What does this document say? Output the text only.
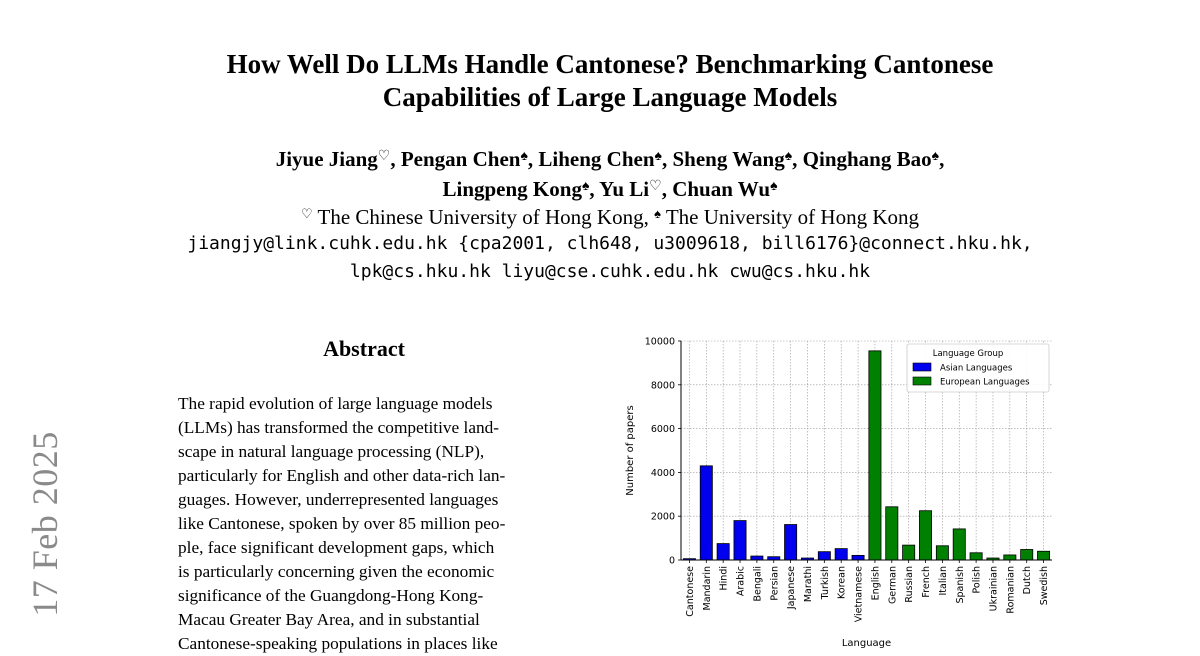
17 Feb 2025
How Well Do LLMs Handle Cantonese? Benchmarking Cantonese
Capabilities of Large Language Models
Jiyue Jiang♡, Pengan Chen♠, Liheng Chen♠, Sheng Wang♠, Qinghang Bao♠,
Lingpeng Kong♠, Yu Li♡, Chuan Wu♠
♡ The Chinese University of Hong Kong, ♠ The University of Hong Kong
jiangjy@link.cuhk.edu.hk {cpa2001, clh648, u3009618, bill6176}@connect.hku.hk,
lpk@cs.hku.hk liyu@cse.cuhk.edu.hk cwu@cs.hku.hk
Abstract
The rapid evolution of large language models
(LLMs) has transformed the competitive land-
scape in natural language processing (NLP),
particularly for English and other data-rich lan-
guages. However, underrepresented languages
like Cantonese, spoken by over 85 million peo-
ple, face significant development gaps, which
is particularly concerning given the economic
significance of the Guangdong-Hong Kong-
Macau Greater Bay Area, and in substantial
Cantonese-speaking populations in places like
0
2000
4000
6000
8000
10000
Cantonese Mandarin Hindi Arabic Bengali Persian Japanese Marathi Turkish Korean Vietnamese English German Russian French Italian Spanish Polish Ukrainian Romanian Dutch Swedish
Number of papers
Language
Language Group
Asian Languages
European Languages
